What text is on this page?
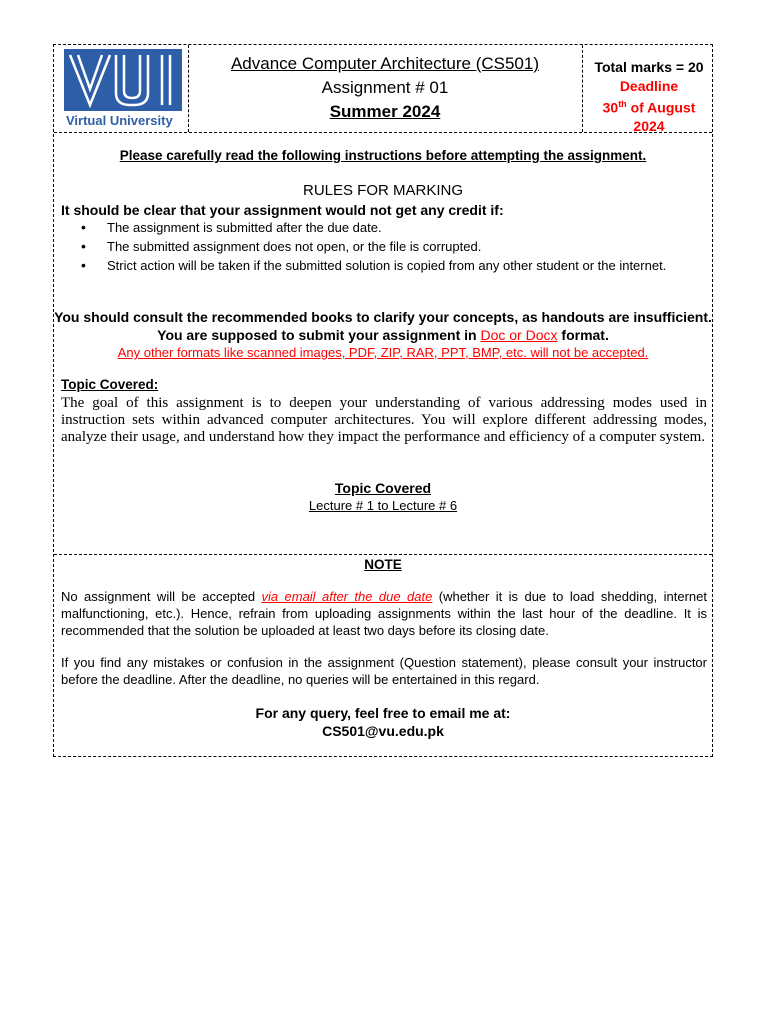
Virtual University
Advance Computer Architecture (CS501)
Assignment # 01
Summer 2024
Total marks = 20
Deadline
30th of August
2024
Please carefully read the following instructions before attempting the assignment.
RULES FOR MARKING
It should be clear that your assignment would not get any credit if:
• The assignment is submitted after the due date.
• The submitted assignment does not open, or the file is corrupted.
• Strict action will be taken if the submitted solution is copied from any other student or the internet.
You should consult the recommended books to clarify your concepts, as handouts are insufficient.
You are supposed to submit your assignment in Doc or Docx format.
Any other formats like scanned images, PDF, ZIP, RAR, PPT, BMP, etc. will not be accepted.
Topic Covered:
The goal of this assignment is to deepen your understanding of various addressing modes used in instruction sets within advanced computer architectures. You will explore different addressing modes, analyze their usage, and understand how they impact the performance and efficiency of a computer system.
Topic Covered
Lecture # 1 to Lecture # 6
NOTE
No assignment will be accepted via email after the due date (whether it is due to load shedding, internet malfunctioning, etc.). Hence, refrain from uploading assignments within the last hour of the deadline. It is recommended that the solution be uploaded at least two days before its closing date.
If you find any mistakes or confusion in the assignment (Question statement), please consult your instructor before the deadline. After the deadline, no queries will be entertained in this regard.
For any query, feel free to email me at:
CS501@vu.edu.pk
